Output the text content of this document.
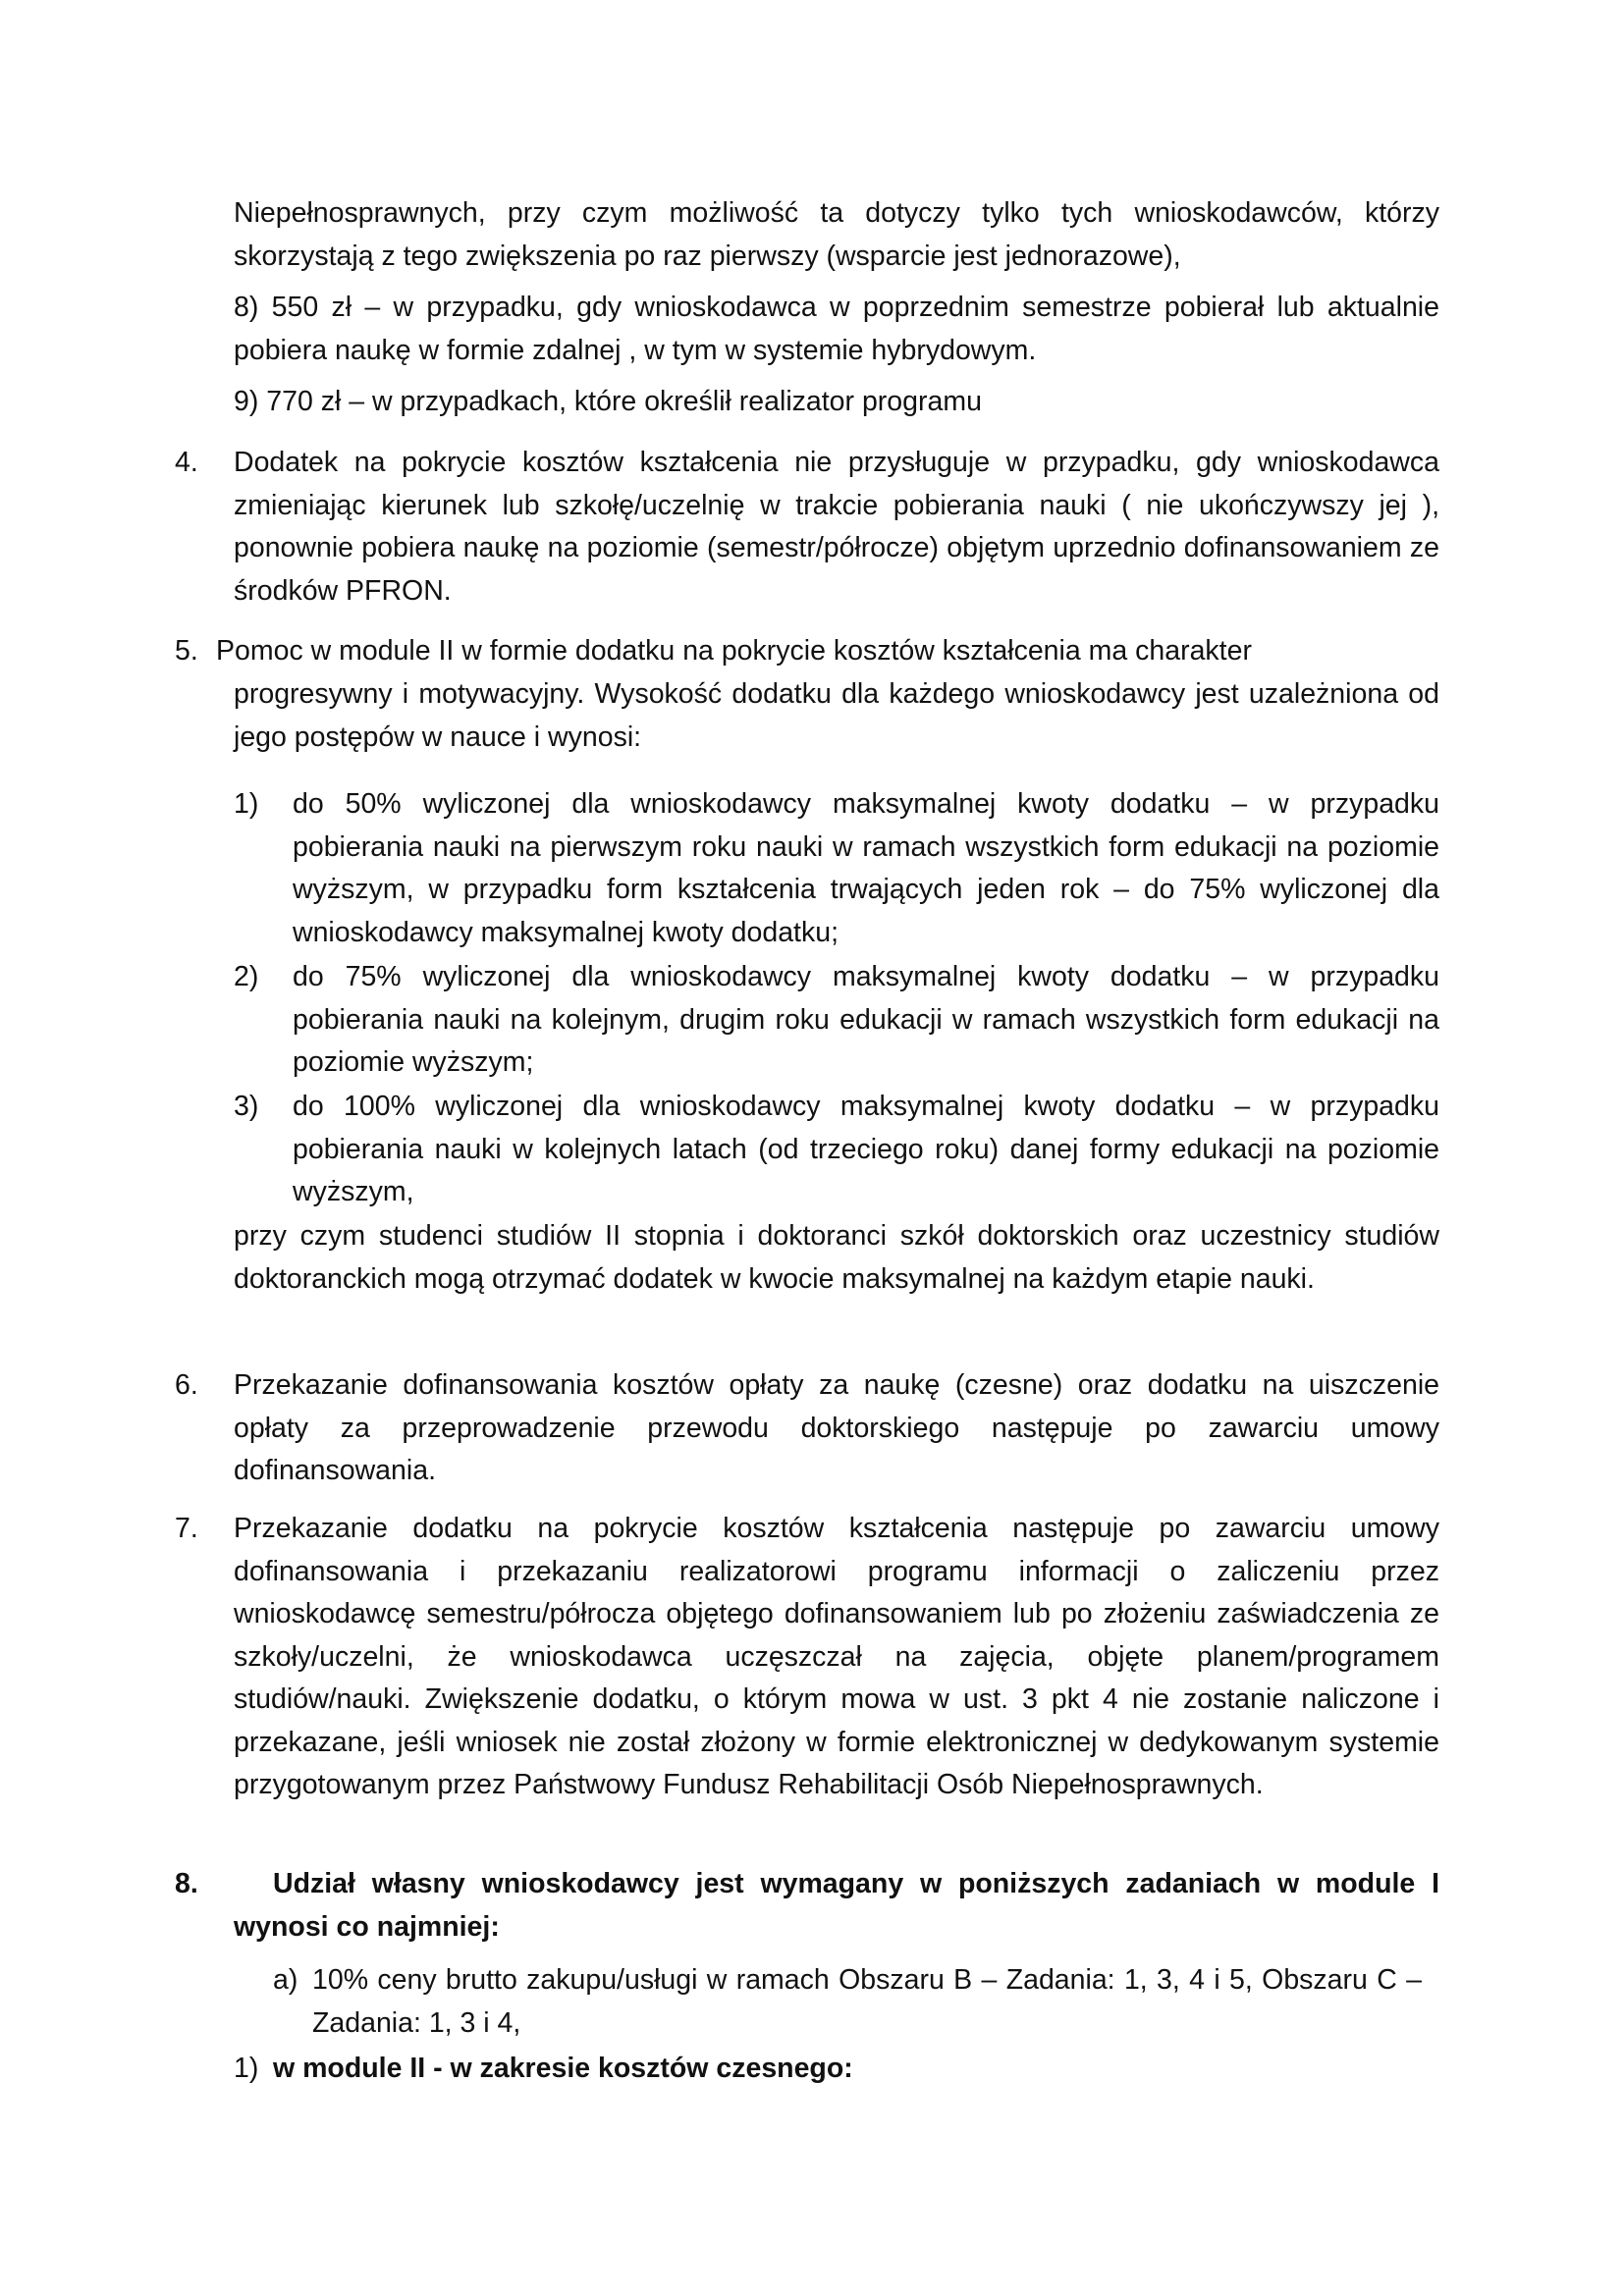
Niepełnosprawnych, przy czym możliwość ta dotyczy tylko tych wnioskodawców, którzy skorzystają z tego zwiększenia po raz pierwszy (wsparcie jest jednorazowe),

8) 550 zł – w przypadku, gdy wnioskodawca w poprzednim semestrze pobierał lub aktualnie pobiera naukę w formie zdalnej , w tym w systemie hybrydowym.

9) 770 zł – w przypadkach, które określił realizator programu

4. Dodatek na pokrycie kosztów kształcenia nie przysługuje w przypadku, gdy wnioskodawca zmieniając kierunek lub szkołę/uczelnię w trakcie pobierania nauki ( nie ukończywszy jej ), ponownie pobiera naukę na poziomie (semestr/półrocze) objętym uprzednio dofinansowaniem ze środków PFRON.

5. Pomoc w module II w formie dodatku na pokrycie kosztów kształcenia ma charakter

progresywny i motywacyjny. Wysokość dodatku dla każdego wnioskodawcy jest uzależniona od jego postępów w nauce i wynosi:

1) do 50% wyliczonej dla wnioskodawcy maksymalnej kwoty dodatku – w przypadku pobierania nauki na pierwszym roku nauki w ramach wszystkich form edukacji na poziomie wyższym, w przypadku form kształcenia trwających jeden rok – do 75% wyliczonej dla wnioskodawcy maksymalnej kwoty dodatku;

2) do 75% wyliczonej dla wnioskodawcy maksymalnej kwoty dodatku – w przypadku pobierania nauki na kolejnym, drugim roku edukacji w ramach wszystkich form edukacji na poziomie wyższym;

3) do 100% wyliczonej dla wnioskodawcy maksymalnej kwoty dodatku – w przypadku pobierania nauki w kolejnych latach (od trzeciego roku) danej formy edukacji na poziomie wyższym,

przy czym studenci studiów II stopnia i doktoranci szkół doktorskich oraz uczestnicy studiów doktoranckich mogą otrzymać dodatek w kwocie maksymalnej na każdym etapie nauki.

6. Przekazanie dofinansowania kosztów opłaty za naukę (czesne) oraz dodatku na uiszczenie opłaty za przeprowadzenie przewodu doktorskiego następuje po zawarciu umowy dofinansowania.

7. Przekazanie dodatku na pokrycie kosztów kształcenia następuje po zawarciu umowy dofinansowania i przekazaniu realizatorowi programu informacji o zaliczeniu przez wnioskodawcę semestru/półrocza objętego dofinansowaniem lub po złożeniu zaświadczenia ze szkoły/uczelni, że wnioskodawca uczęszczał na zajęcia, objęte planem/programem studiów/nauki. Zwiększenie dodatku, o którym mowa w ust. 3 pkt 4 nie zostanie naliczone i przekazane, jeśli wniosek nie został złożony w formie elektronicznej w dedykowanym systemie przygotowanym przez Państwowy Fundusz Rehabilitacji Osób Niepełnosprawnych.

8.	Udział własny wnioskodawcy jest wymagany w poniższych zadaniach w module I wynosi co najmniej:

a) 10% ceny brutto zakupu/usługi w ramach Obszaru B – Zadania: 1, 3, 4 i 5, Obszaru C – Zadania: 1, 3 i 4,

1) w module II - w zakresie kosztów czesnego:
